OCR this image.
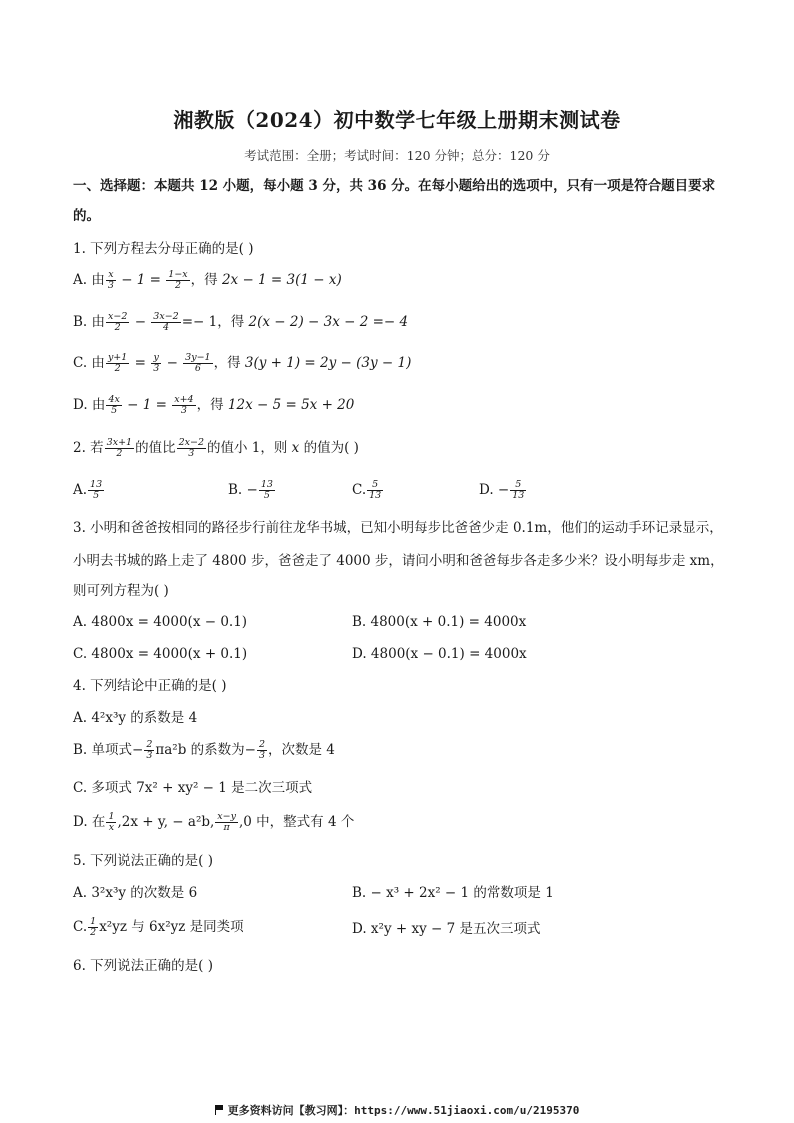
湘教版（2024）初中数学七年级上册期末测试卷
考试范围：全册；考试时间：120 分钟；总分：120 分
一、选择题：本题共 12 小题，每小题 3 分，共 36 分。在每小题给出的选项中，只有一项是符合题目要求
的。
1. 下列方程去分母正确的是( )
A. 由 $\frac{x}{3} - 1 = \frac{1-x}{2}$ ，得 2x − 1 = 3(1 − x)
B. 由 $\frac{x-2}{2} - \frac{3x-2}{4} =- 1$，得 2(x − 2) − 3x − 2 =− 4
C. 由 $\frac{y+1}{2} = \frac{y}{3} - \frac{3y-1}{6}$ ，得 3(y + 1) = 2y − (3y − 1)
D. 由 $\frac{4x}{5} - 1 = \frac{x+4}{3}$ ，得 12x − 5 = 5x + 20
2. 若 $\frac{3x+1}{2}$ 的值比 $\frac{2x-2}{3}$ 的值小 1，则 x 的值为( )
A. $\frac{13}{5}$	B. − $\frac{13}{5}$	C. $\frac{5}{13}$	D. − $\frac{5}{13}$
3. 小明和爸爸按相同的路径步行前往龙华书城，已知小明每步比爸爸少走 0.1m，他们的运动手环记录显示，
小明去书城的路上走了 4800 步，爸爸走了 4000 步，请问小明和爸爸每步各走多少米？设小明每步走 xm，
则可列方程为( )
A. 4800x = 4000(x − 0.1)	B. 4800(x + 0.1) = 4000x
C. 4800x = 4000(x + 0.1)	D. 4800(x − 0.1) = 4000x
4. 下列结论中正确的是( )
A. 4²x³y 的系数是 4
B. 单项式− $\frac{2}{3} \pi a^2b$ 的系数为− $\frac{2}{3}$ ，次数是 4
C. 多项式 7x² + xy² − 1 是二次三项式
D. 在 $\frac{1}{x} ,2x + y$, − a²b, $\frac{x-y}{\pi} ,0$ 中，整式有 4 个
5. 下列说法正确的是( )
A. 3²x³y 的次数是 6	B. − x³ + 2x² − 1 的常数项是 1
C. $\frac{1}{2} x^2yz$ 与 6x²yz 是同类项	D. x²y + xy − 7 是五次三项式
6. 下列说法正确的是( )
更多资料访问【教习网】：https://www.51jiaoxi.com/u/2195370
